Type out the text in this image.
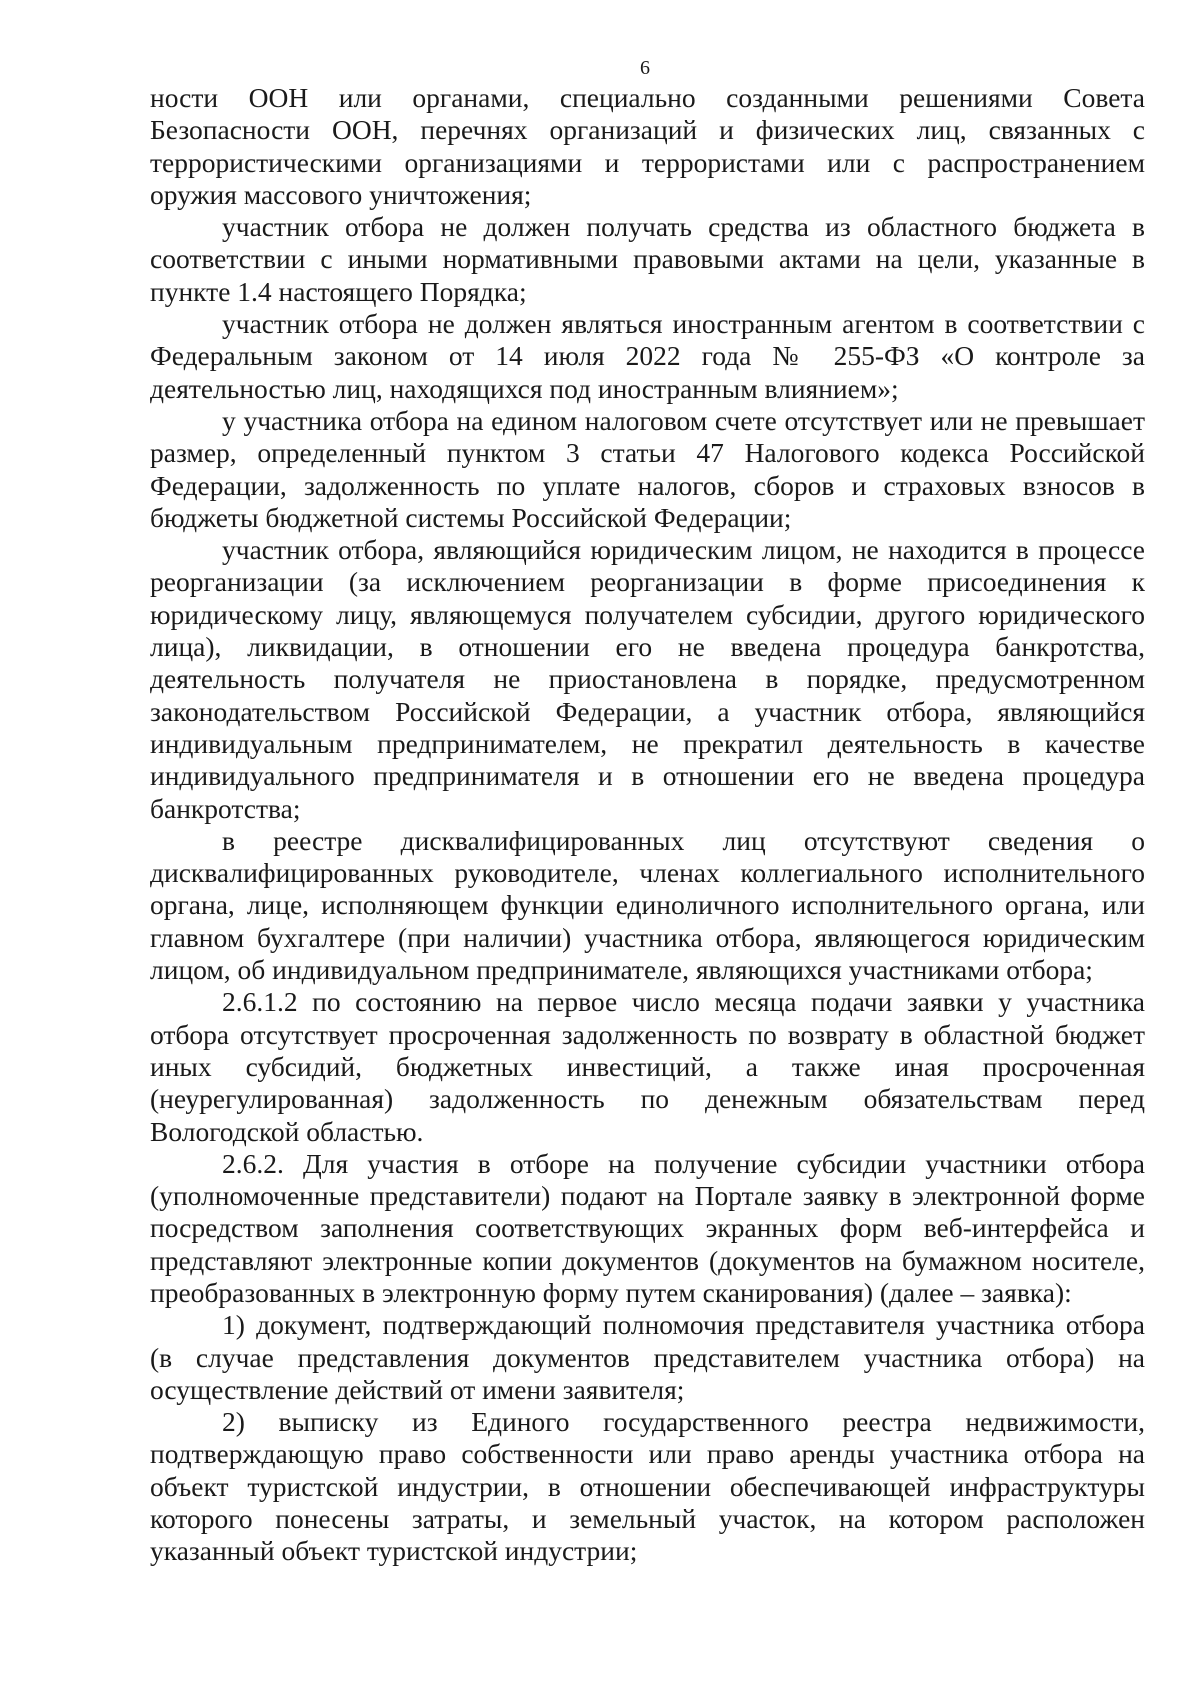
6

ности ООН или органами, специально созданными решениями Совета Безопасности ООН, перечнях организаций и физических лиц, связанных с террористическими организациями и террористами или с распространением оружия массового уничтожения;

участник отбора не должен получать средства из областного бюджета в соответствии с иными нормативными правовыми актами на цели, указанные в пункте 1.4 настоящего Порядка;

участник отбора не должен являться иностранным агентом в соответствии с Федеральным законом от 14 июля 2022 года № 255-ФЗ «О контроле за деятельностью лиц, находящихся под иностранным влиянием»;

у участника отбора на едином налоговом счете отсутствует или не превышает размер, определенный пунктом 3 статьи 47 Налогового кодекса Российской Федерации, задолженность по уплате налогов, сборов и страховых взносов в бюджеты бюджетной системы Российской Федерации;

участник отбора, являющийся юридическим лицом, не находится в процессе реорганизации (за исключением реорганизации в форме присоединения к юридическому лицу, являющемуся получателем субсидии, другого юридического лица), ликвидации, в отношении его не введена процедура банкротства, деятельность получателя не приостановлена в порядке, предусмотренном законодательством Российской Федерации, а участник отбора, являющийся индивидуальным предпринимателем, не прекратил деятельность в качестве индивидуального предпринимателя и в отношении его не введена процедура банкротства;

в реестре дисквалифицированных лиц отсутствуют сведения о дисквалифицированных руководителе, членах коллегиального исполнительного органа, лице, исполняющем функции единоличного исполнительного органа, или главном бухгалтере (при наличии) участника отбора, являющегося юридическим лицом, об индивидуальном предпринимателе, являющихся участниками отбора;

2.6.1.2 по состоянию на первое число месяца подачи заявки у участника отбора отсутствует просроченная задолженность по возврату в областной бюджет иных субсидий, бюджетных инвестиций, а также иная просроченная (неурегулированная) задолженность по денежным обязательствам перед Вологодской областью.

2.6.2. Для участия в отборе на получение субсидии участники отбора (уполномоченные представители) подают на Портале заявку в электронной форме посредством заполнения соответствующих экранных форм веб-интерфейса и представляют электронные копии документов (документов на бумажном носителе, преобразованных в электронную форму путем сканирования) (далее – заявка):

1) документ, подтверждающий полномочия представителя участника отбора (в случае представления документов представителем участника отбора) на осуществление действий от имени заявителя;

2) выписку из Единого государственного реестра недвижимости, подтверждающую право собственности или право аренды участника отбора на объект туристской индустрии, в отношении обеспечивающей инфраструктуры которого понесены затраты, и земельный участок, на котором расположен указанный объект туристской индустрии;
